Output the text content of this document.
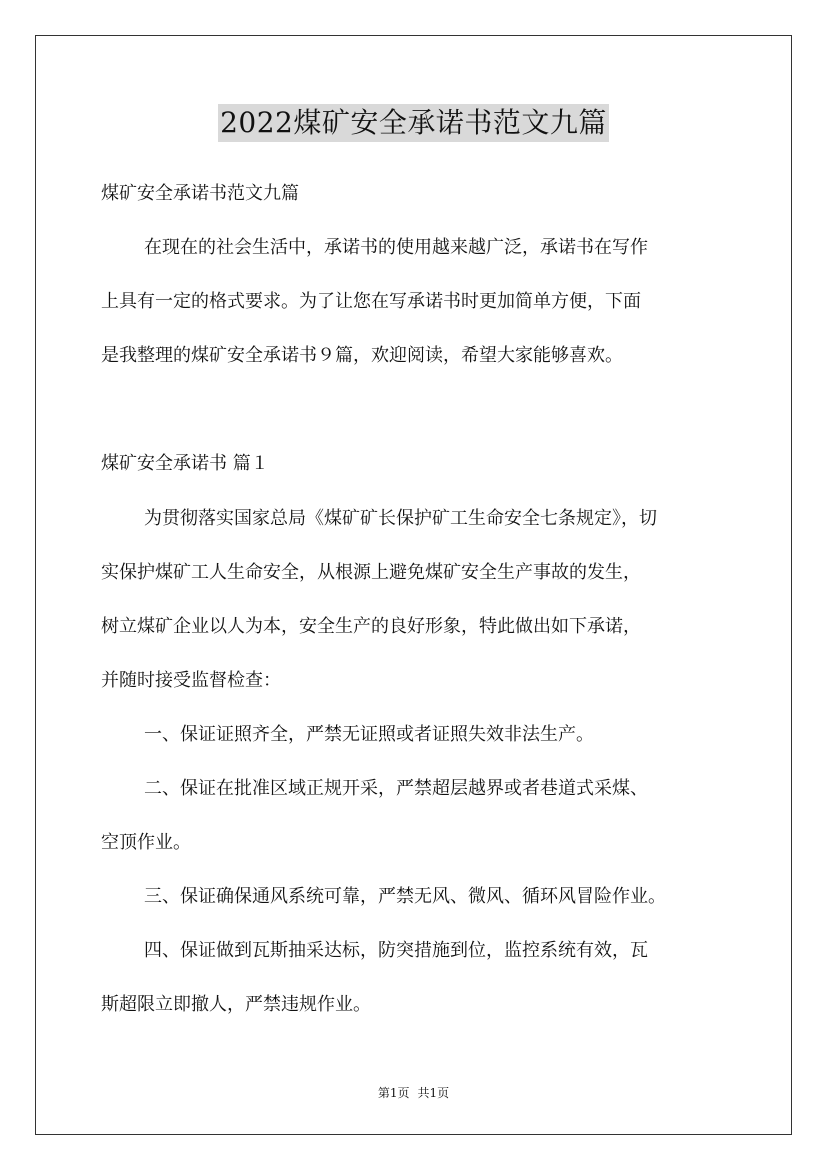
2022煤矿安全承诺书范文九篇
煤矿安全承诺书范文九篇
在现在的社会生活中，承诺书的使用越来越广泛，承诺书在写作
上具有一定的格式要求。为了让您在写承诺书时更加简单方便，下面
是我整理的煤矿安全承诺书９篇，欢迎阅读，希望大家能够喜欢。
煤矿安全承诺书 篇１
为贯彻落实国家总局《煤矿矿长保护矿工生命安全七条规定》，切
实保护煤矿工人生命安全，从根源上避免煤矿安全生产事故的发生，
树立煤矿企业以人为本，安全生产的良好形象，特此做出如下承诺，
并随时接受监督检查：
一、保证证照齐全，严禁无证照或者证照失效非法生产。
二、保证在批准区域正规开采，严禁超层越界或者巷道式采煤、
空顶作业。
三、保证确保通风系统可靠，严禁无风、微风、循环风冒险作业。
四、保证做到瓦斯抽采达标，防突措施到位，监控系统有效，瓦
斯超限立即撤人，严禁违规作业。
第1页 共1页
